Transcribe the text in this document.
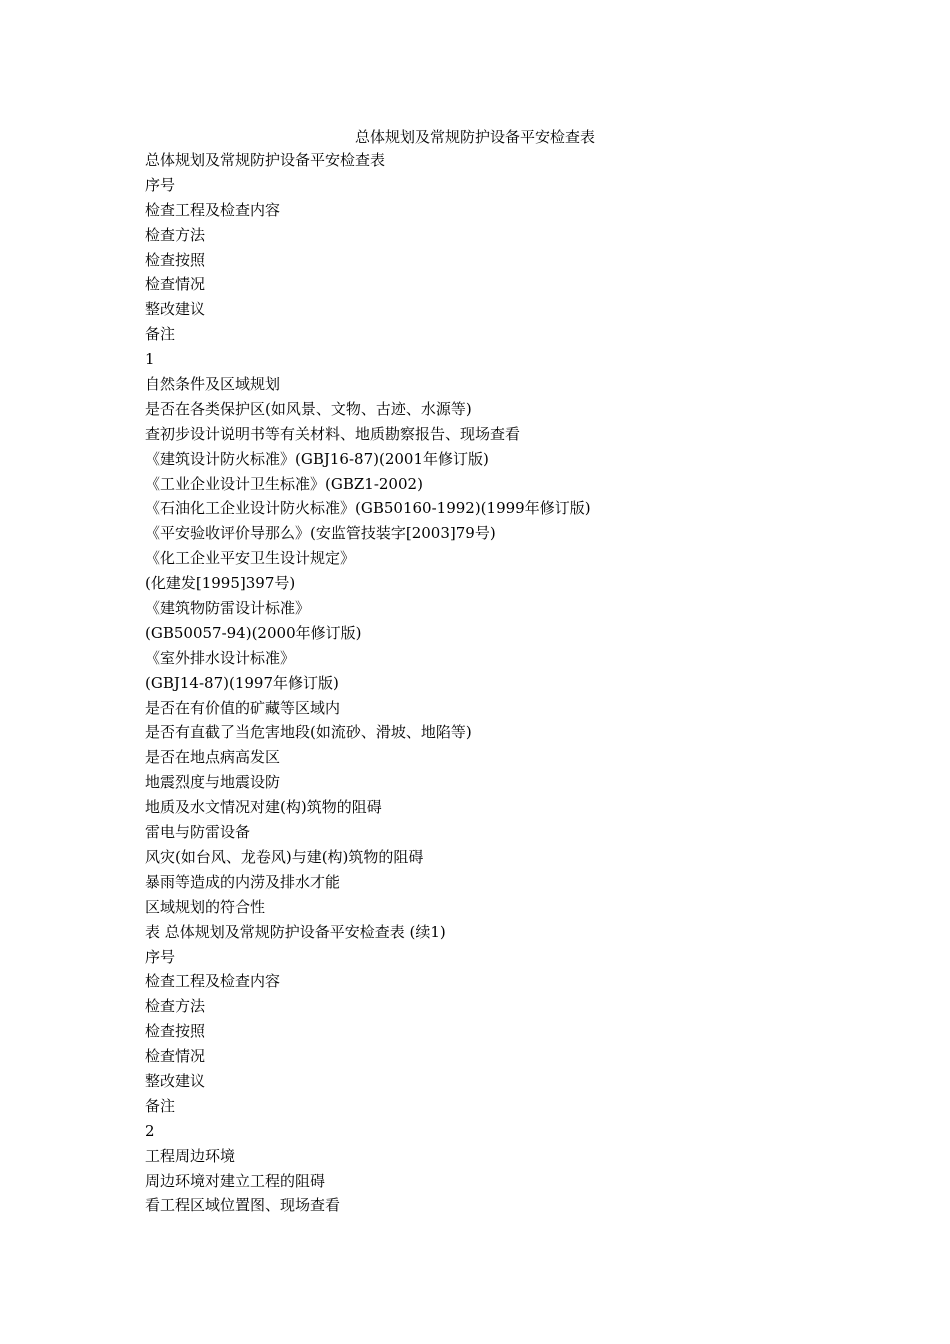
总体规划及常规防护设备平安检查表
总体规划及常规防护设备平安检查表
序号
检查工程及检查内容
检查方法
检查按照
检查情况
整改建议
备注
1
自然条件及区域规划
是否在各类保护区(如风景、文物、古迹、水源等)
查初步设计说明书等有关材料、地质勘察报告、现场查看
《建筑设计防火标准》(GBJ16-87)(2001年修订版)
《工业企业设计卫生标准》(GBZ1-2002)
《石油化工企业设计防火标准》(GB50160-1992)(1999年修订版)
《平安验收评价导那么》(安监管技装字[2003]79号)
《化工企业平安卫生设计规定》
(化建发[1995]397号)
《建筑物防雷设计标准》
(GB50057-94)(2000年修订版)
《室外排水设计标准》
(GBJ14-87)(1997年修订版)
是否在有价值的矿藏等区域内
是否有直截了当危害地段(如流砂、滑坡、地陷等)
是否在地点病高发区
地震烈度与地震设防
地质及水文情况对建(构)筑物的阻碍
雷电与防雷设备
风灾(如台风、龙卷风)与建(构)筑物的阻碍
暴雨等造成的内涝及排水才能
区域规划的符合性
表 总体规划及常规防护设备平安检查表 (续1)
序号
检查工程及检查内容
检查方法
检查按照
检查情况
整改建议
备注
2
工程周边环境
周边环境对建立工程的阻碍
看工程区域位置图、现场查看
